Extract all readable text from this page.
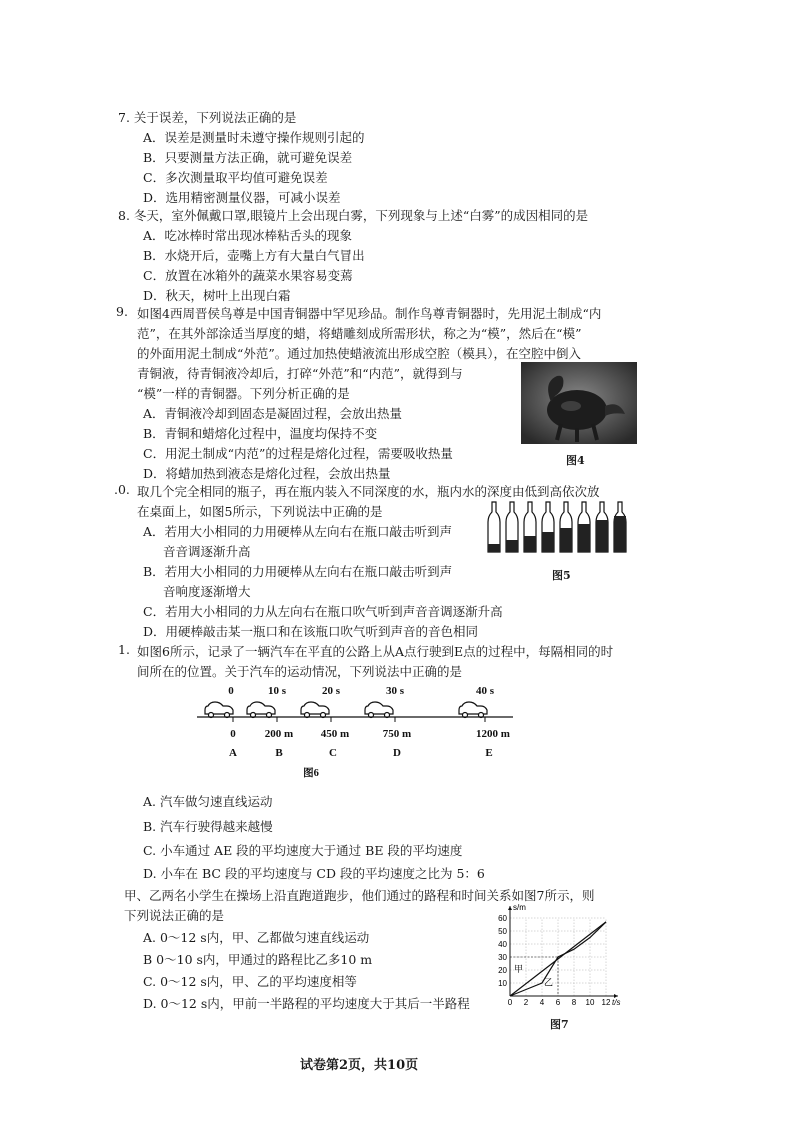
7. 关于误差，下列说法正确的是
A．误差是测量时未遵守操作规则引起的
B．只要测量方法正确，就可避免误差
C．多次测量取平均值可避免误差
D．选用精密测量仪器，可减小误差
8. 冬天，室外佩戴口罩,眼镜片上会出现白雾，下列现象与上述“白雾”的成因相同的是
A．吃冰棒时常出现冰棒粘舌头的现象
B．水烧开后，壶嘴上方有大量白气冒出
C．放置在冰箱外的蔬菜水果容易变蔫
D．秋天，树叶上出现白霜
9. 如图4西周晋侯鸟尊是中国青铜器中罕见珍品。制作鸟尊青铜器时，先用泥土制成“内
范”，在其外部涂适当厚度的蜡，将蜡雕刻成所需形状，称之为“模”，然后在“模”
的外面用泥土制成“外范”。通过加热使蜡液流出形成空腔（模具），在空腔中倒入
青铜液，待青铜液冷却后，打碎“外范”和“内范”，就得到与
“模”一样的青铜器。下列分析正确的是
A．青铜液冷却到固态是凝固过程，会放出热量
B．青铜和蜡熔化过程中，温度均保持不变
C．用泥土制成“内范”的过程是熔化过程，需要吸收热量
D．将蜡加热到液态是熔化过程，会放出热量
图4
.0. 取几个完全相同的瓶子，再在瓶内装入不同深度的水，瓶内水的深度由低到高依次放
在桌面上，如图5所示，下列说法中正确的是
A．若用大小相同的力用硬棒从左向右在瓶口敲击听到声
音音调逐渐升高
B．若用大小相同的力用硬棒从左向右在瓶口敲击听到声
音响度逐渐增大
C．若用大小相同的力从左向右在瓶口吹气听到声音音调逐渐升高
D．用硬棒敲击某一瓶口和在该瓶口吹气听到声音的音色相同
图5
1. 如图6所示，记录了一辆汽车在平直的公路上从A点行驶到E点的过程中，每隔相同的时
间所在的位置。关于汽车的运动情况，下列说法中正确的是
0	10 s	20 s	30 s	40 s
0	200 m	450 m	750 m	1200 m
A	B	C	D	E
图6
A. 汽车做匀速直线运动
B. 汽车行驶得越来越慢
C. 小车通过 AE 段的平均速度大于通过 BE 段的平均速度
D. 小车在 BC 段的平均速度与 CD 段的平均速度之比为 5：6
甲、乙两名小学生在操场上沿直跑道跑步，他们通过的路程和时间关系如图7所示，则
下列说法正确的是
A. 0～12 s内，甲、乙都做匀速直线运动
B 0～10 s内，甲通过的路程比乙多10 m
C. 0～12 s内，甲、乙的平均速度相等
D. 0～12 s内，甲前一半路程的平均速度大于其后一半路程	0 2 4 6 8 10 12
10
20
30
40
50
60
s/m
t/s
甲
乙
图7
试卷第2页，共10页
